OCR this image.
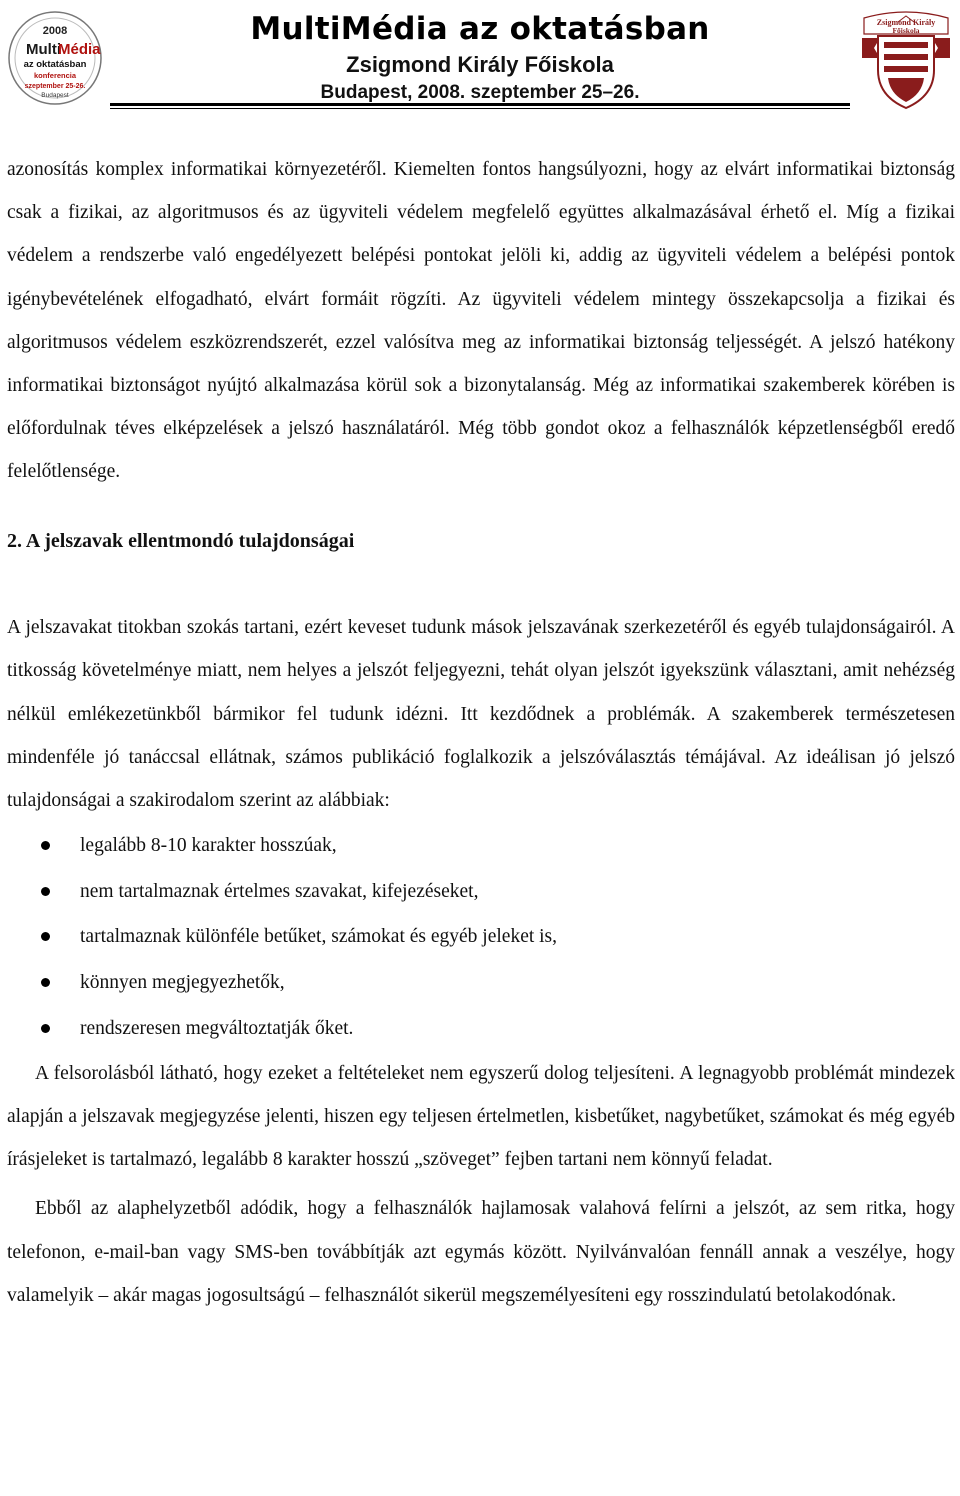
2008
Multi
Média
az oktatásban
konferencia
szeptember 25-26.
Budapest
MultiMédia az oktatásban
Zsigmond Király Főiskola
Budapest, 2008. szeptember 25–26.
Zsigmond Király
Főiskola

azonosítás komplex informatikai környezetéről. Kiemelten fontos hangsúlyozni, hogy az elvárt informatikai biztonság csak a fizikai, az algoritmusos és az ügyviteli védelem megfelelő együttes alkalmazásával érhető el. Míg a fizikai védelem a rendszerbe való engedélyezett belépési pontokat jelöli ki, addig az ügyviteli védelem a belépési pontok igénybevételének elfogadható, elvárt formáit rögzíti. Az ügyviteli védelem mintegy összekapcsolja a fizikai és algoritmusos védelem eszközrendszerét, ezzel valósítva meg az informatikai biztonság teljességét. A jelszó hatékony informatikai biztonságot nyújtó alkalmazása körül sok a bizonytalanság. Még az informatikai szakemberek körében is előfordulnak téves elképzelések a jelszó használatáról. Még több gondot okoz a felhasználók képzetlenségből eredő felelőtlensége.

2. A jelszavak ellentmondó tulajdonságai

A jelszavakat titokban szokás tartani, ezért keveset tudunk mások jelszavának szerkezetéről és egyéb tulajdonságairól. A titkosság követelménye miatt, nem helyes a jelszót feljegyezni, tehát olyan jelszót igyekszünk választani, amit nehézség nélkül emlékezetünkből bármikor fel tudunk idézni. Itt kezdődnek a problémák. A szakemberek természetesen mindenféle jó tanáccsal ellátnak, számos publikáció foglalkozik a jelszóválasztás témájával. Az ideálisan jó jelszó tulajdonságai a szakirodalom szerint az alábbiak:

legalább 8-10 karakter hosszúak,
nem tartalmaznak értelmes szavakat, kifejezéseket,
tartalmaznak különféle betűket, számokat és egyéb jeleket is,
könnyen megjegyezhetők,
rendszeresen megváltoztatják őket.

A felsorolásból látható, hogy ezeket a feltételeket nem egyszerű dolog teljesíteni. A legnagyobb problémát mindezek alapján a jelszavak megjegyzése jelenti, hiszen egy teljesen értelmetlen, kisbetűket, nagybetűket, számokat és még egyéb írásjeleket is tartalmazó, legalább 8 karakter hosszú „szöveget” fejben tartani nem könnyű feladat.

Ebből az alaphelyzetből adódik, hogy a felhasználók hajlamosak valahová felírni a jelszót, az sem ritka, hogy telefonon, e-mail-ban vagy SMS-ben továbbítják azt egymás között. Nyilvánvalóan fennáll annak a veszélye, hogy valamelyik – akár magas jogosultságú – felhasználót sikerül megszemélyesíteni egy rosszindulatú betolakodónak.
